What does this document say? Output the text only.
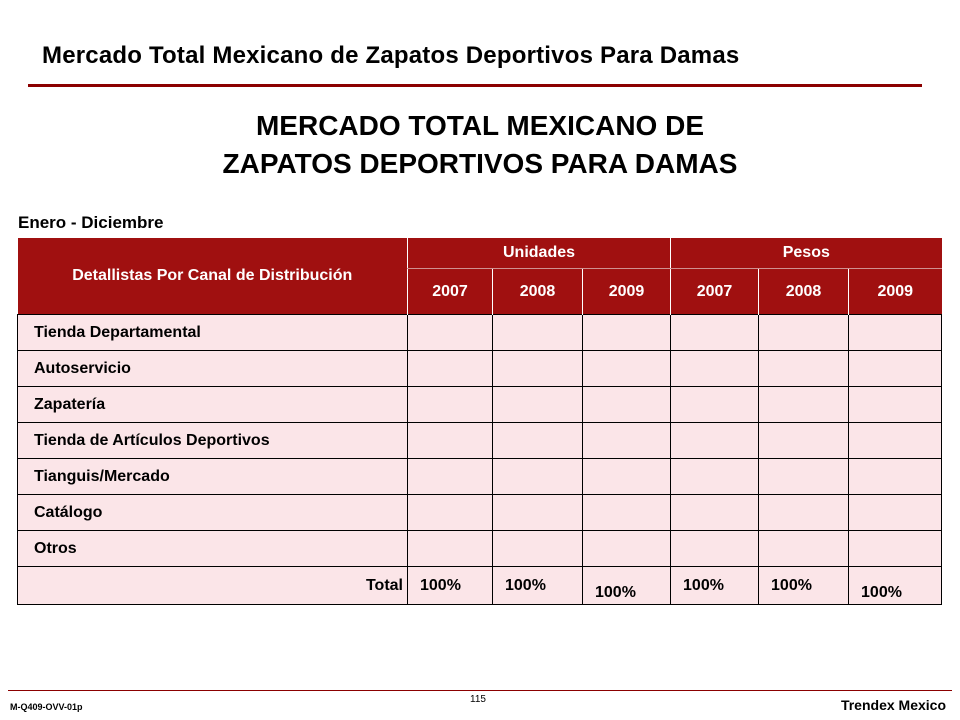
Mercado Total Mexicano de Zapatos Deportivos Para Damas
MERCADO TOTAL MEXICANO DE
ZAPATOS DEPORTIVOS PARA DAMAS
Enero - Diciembre
Detallistas Por Canal de Distribución	Unidades			Pesos		
	2007	2008	2009	2007	2008	2009
Tienda Departamental						
Autoservicio						
Zapatería						
Tienda de Artículos Deportivos						
Tianguis/Mercado						
Catálogo						
Otros						
Total	100%	100%	100%	100%	100%	100%
M-Q409-OVV-01p
115	Trendex Mexico
